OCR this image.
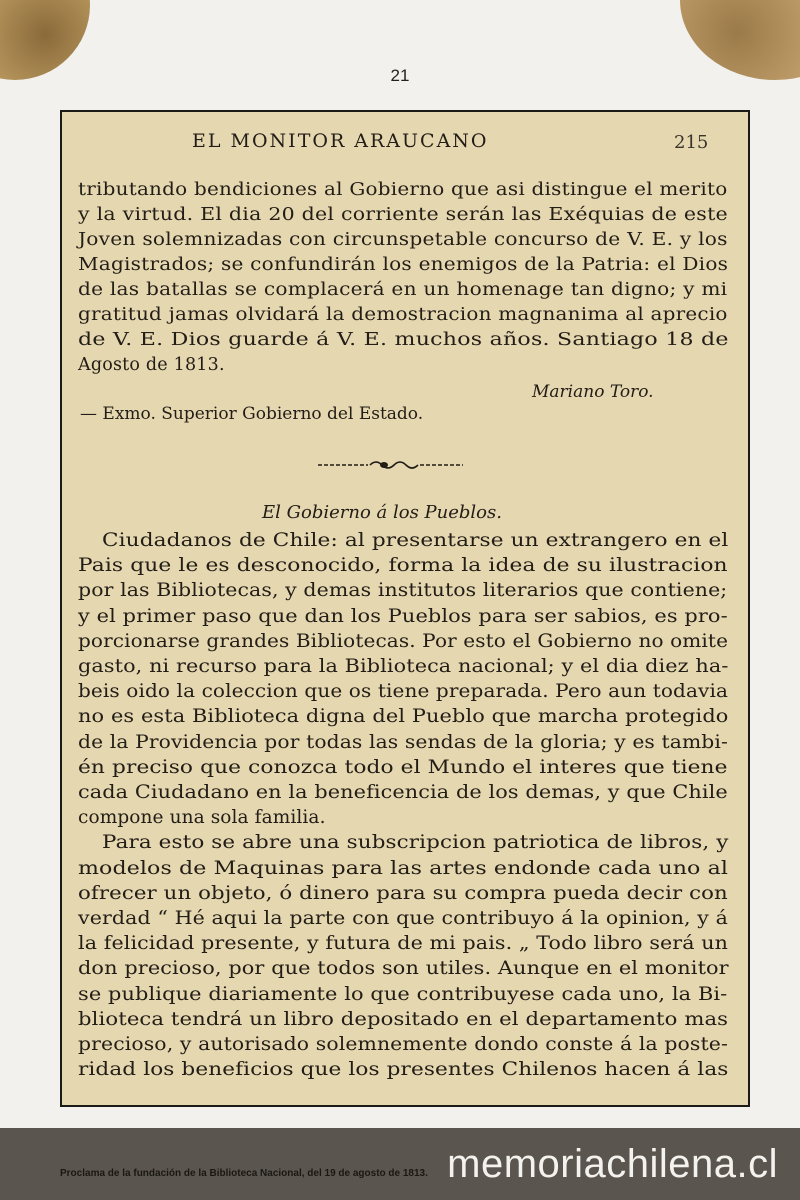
21
EL MONITOR ARAUCANO	215
tributando bendiciones al Gobierno que asi distingue el merito
y la virtud. El dia 20 del corriente serán las Exéquias de este
Joven solemnizadas con circunspetable concurso de V. E. y los
Magistrados; se confundirán los enemigos de la Patria: el Dios
de las batallas se complacerá en un homenage tan digno; y mi
gratitud jamas olvidará la demostracion magnanima al aprecio
de V. E. Dios guarde á V. E. muchos años. Santiago 18 de
Agosto de 1813.
Mariano Toro.
— Exmo. Superior Gobierno del Estado.
El Gobierno á los Pueblos.
Ciudadanos de Chile: al presentarse un extrangero en el
Pais que le es desconocido, forma la idea de su ilustracion
por las Bibliotecas, y demas institutos literarios que contiene;
y el primer paso que dan los Pueblos para ser sabios, es pro-
porcionarse grandes Bibliotecas. Por esto el Gobierno no omite
gasto, ni recurso para la Biblioteca nacional; y el dia diez ha-
beis oido la coleccion que os tiene preparada. Pero aun todavia
no es esta Biblioteca digna del Pueblo que marcha protegido
de la Providencia por todas las sendas de la gloria; y es tambi-
én preciso que conozca todo el Mundo el interes que tiene
cada Ciudadano en la beneficencia de los demas, y que Chile
compone una sola familia.
Para esto se abre una subscripcion patriotica de libros, y
modelos de Maquinas para las artes endonde cada uno al
ofrecer un objeto, ó dinero para su compra pueda decir con
verdad “ Hé aqui la parte con que contribuyo á la opinion, y á
la felicidad presente, y futura de mi pais. „ Todo libro será un
don precioso, por que todos son utiles. Aunque en el monitor
se publique diariamente lo que contribuyese cada uno, la Bi-
blioteca tendrá un libro depositado en el departamento mas
precioso, y autorisado solemnemente dondo conste á la poste-
ridad los beneficios que los presentes Chilenos hacen á las
Proclama de la fundación de la Biblioteca Nacional, del 19 de agosto de 1813. memoriachilena.cl
